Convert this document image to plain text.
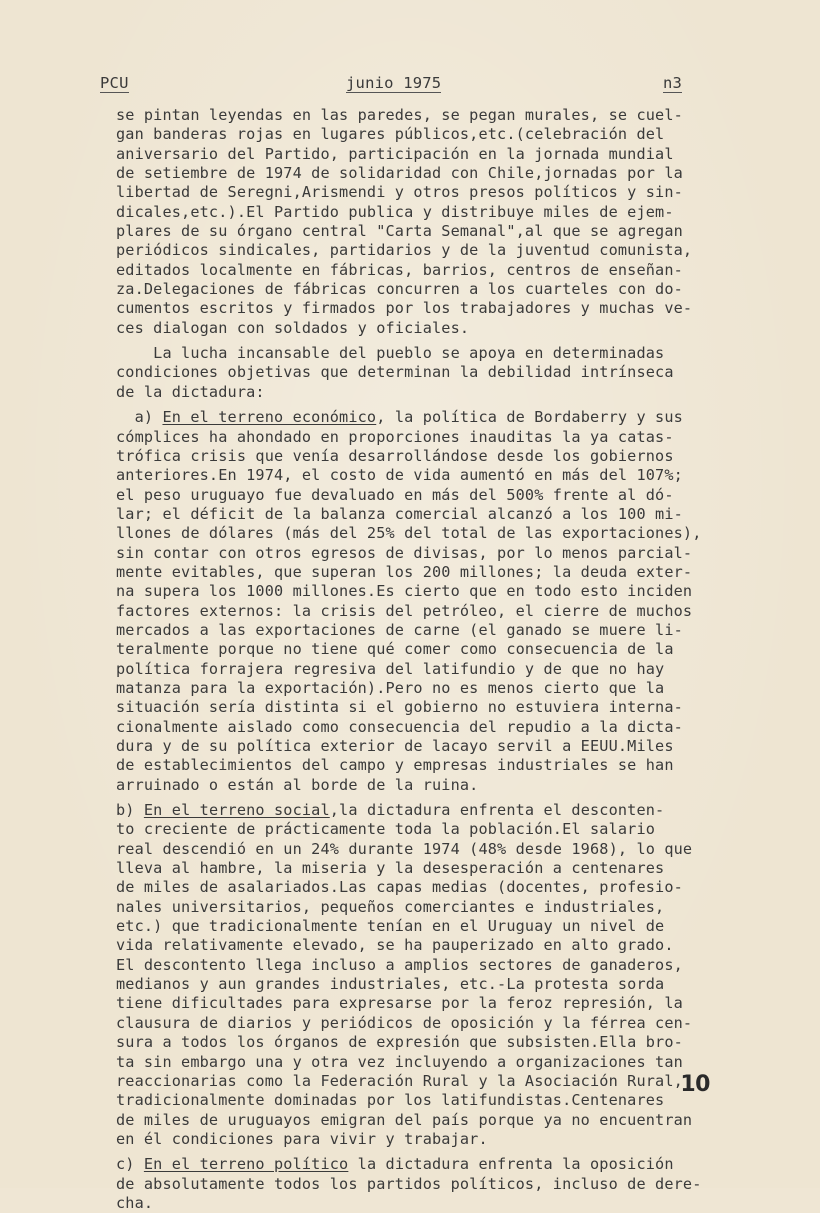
PCU	junio 1975	n3
se pintan leyendas en las paredes, se pegan murales, se cuel-
gan banderas rojas en lugares públicos,etc.(celebración del
aniversario del Partido, participación en la jornada mundial
de setiembre de 1974 de solidaridad con Chile,jornadas por la
libertad de Seregni,Arismendi y otros presos políticos y sin-
dicales,etc.).El Partido publica y distribuye miles de ejem-
plares de su órgano central "Carta Semanal",al que se agregan
periódicos sindicales, partidarios y de la juventud comunista,
editados localmente en fábricas, barrios, centros de enseñan-
za.Delegaciones de fábricas concurren a los cuarteles con do-
cumentos escritos y firmados por los trabajadores y muchas ve-
ces dialogan con soldados y oficiales.
La lucha incansable del pueblo se apoya en determinadas
condiciones objetivas que determinan la debilidad intrínseca
de la dictadura:
a) En el terreno económico, la política de Bordaberry y sus
cómplices ha ahondado en proporciones inauditas la ya catas-
trófica crisis que venía desarrollándose desde los gobiernos
anteriores.En 1974, el costo de vida aumentó en más del 107%;
el peso uruguayo fue devaluado en más del 500% frente al dó-
lar; el déficit de la balanza comercial alcanzó a los 100 mi-
llones de dólares (más del 25% del total de las exportaciones),
sin contar con otros egresos de divisas, por lo menos parcial-
mente evitables, que superan los 200 millones; la deuda exter-
na supera los 1000 millones.Es cierto que en todo esto inciden
factores externos: la crisis del petróleo, el cierre de muchos
mercados a las exportaciones de carne (el ganado se muere li-
teralmente porque no tiene qué comer como consecuencia de la
política forrajera regresiva del latifundio y de que no hay
matanza para la exportación).Pero no es menos cierto que la
situación sería distinta si el gobierno no estuviera interna-
cionalmente aislado como consecuencia del repudio a la dicta-
dura y de su política exterior de lacayo servil a EEUU.Miles
de establecimientos del campo y empresas industriales se han
arruinado o están al borde de la ruina.
b) En el terreno social,la dictadura enfrenta el desconten-
to creciente de prácticamente toda la población.El salario
real descendió en un 24% durante 1974 (48% desde 1968), lo que
lleva al hambre, la miseria y la desesperación a centenares
de miles de asalariados.Las capas medias (docentes, profesio-
nales universitarios, pequeños comerciantes e industriales,
etc.) que tradicionalmente tenían en el Uruguay un nivel de
vida relativamente elevado, se ha pauperizado en alto grado.
El descontento llega incluso a amplios sectores de ganaderos,
medianos y aun grandes industriales, etc.-La protesta sorda
tiene dificultades para expresarse por la feroz represión, la
clausura de diarios y periódicos de oposición y la férrea cen-
sura a todos los órganos de expresión que subsisten.Ella bro-
ta sin embargo una y otra vez incluyendo a organizaciones tan
reaccionarias como la Federación Rural y la Asociación Rural,
tradicionalmente dominadas por los latifundistas.Centenares
de miles de uruguayos emigran del país porque ya no encuentran
en él condiciones para vivir y trabajar.
c) En el terreno político la dictadura enfrenta la oposición
de absolutamente todos los partidos políticos, incluso de dere-
cha.
10
